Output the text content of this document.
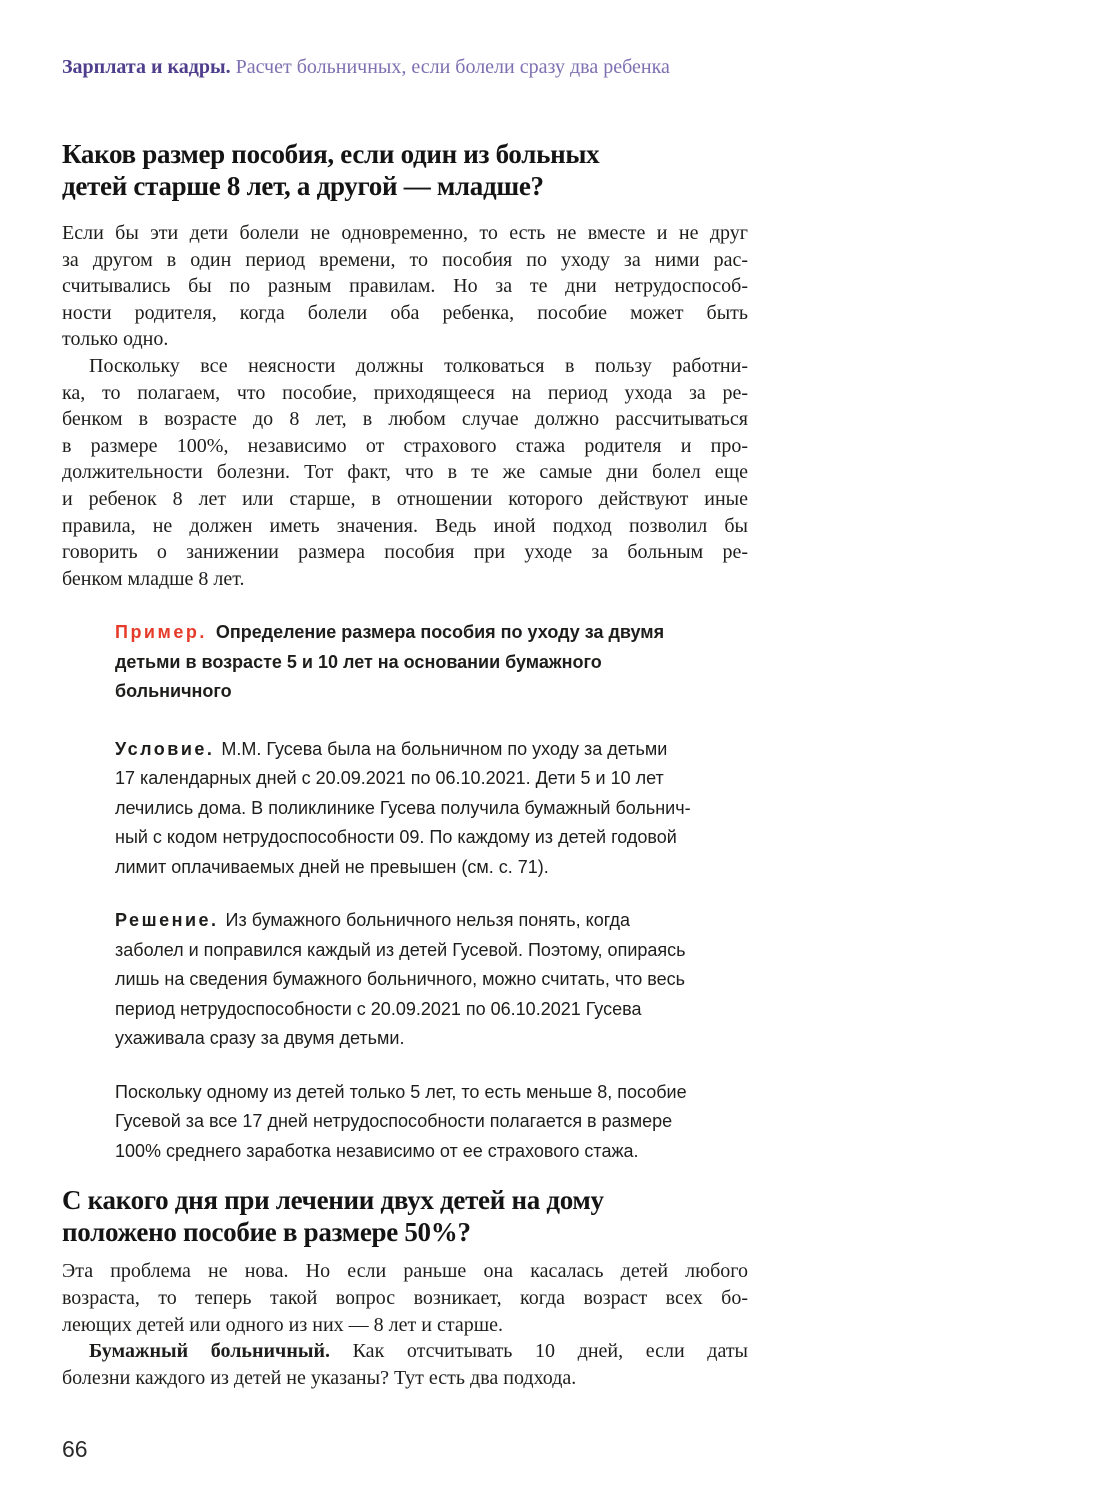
Зарплата и кадры. Расчет больничных, если болели сразу два ребенка
Каков размер пособия, если один из больных
детей старше 8 лет, а другой — младше?
Если бы эти дети болели не одновременно, то есть не вместе и не друг
за другом в один период времени, то пособия по уходу за ними рас-
считывались бы по разным правилам. Но за те дни нетрудоспособ-
ности родителя, когда болели оба ребенка, пособие может быть
только одно.
Поскольку все неясности должны толковаться в пользу работни-
ка, то полагаем, что пособие, приходящееся на период ухода за ре-
бенком в возрасте до 8 лет, в любом случае должно рассчитываться
в размере 100%, независимо от страхового стажа родителя и про-
должительности болезни. Тот факт, что в те же самые дни болел еще
и ребенок 8 лет или старше, в отношении которого действуют иные
правила, не должен иметь значения. Ведь иной подход позволил бы
говорить о занижении размера пособия при уходе за больным ре-
бенком младше 8 лет.
Пример. Определение размера пособия по уходу за двумя
детьми в возрасте 5 и 10 лет на основании бумажного
больничного
Условие. М.М. Гусева была на больничном по уходу за детьми
17 календарных дней с 20.09.2021 по 06.10.2021. Дети 5 и 10 лет
лечились дома. В поликлинике Гусева получила бумажный больнич-
ный с кодом нетрудоспособности 09. По каждому из детей годовой
лимит оплачиваемых дней не превышен (см. с. 71).
Решение. Из бумажного больничного нельзя понять, когда
заболел и поправился каждый из детей Гусевой. Поэтому, опираясь
лишь на сведения бумажного больничного, можно считать, что весь
период нетрудоспособности с 20.09.2021 по 06.10.2021 Гусева
ухаживала сразу за двумя детьми.
Поскольку одному из детей только 5 лет, то есть меньше 8, пособие
Гусевой за все 17 дней нетрудоспособности полагается в размере
100% среднего заработка независимо от ее страхового стажа.
С какого дня при лечении двух детей на дому
положено пособие в размере 50%?
Эта проблема не нова. Но если раньше она касалась детей любого
возраста, то теперь такой вопрос возникает, когда возраст всех бо-
леющих детей или одного из них — 8 лет и старше.
Бумажный больничный. Как отсчитывать 10 дней, если даты
болезни каждого из детей не указаны? Тут есть два подхода.
66
